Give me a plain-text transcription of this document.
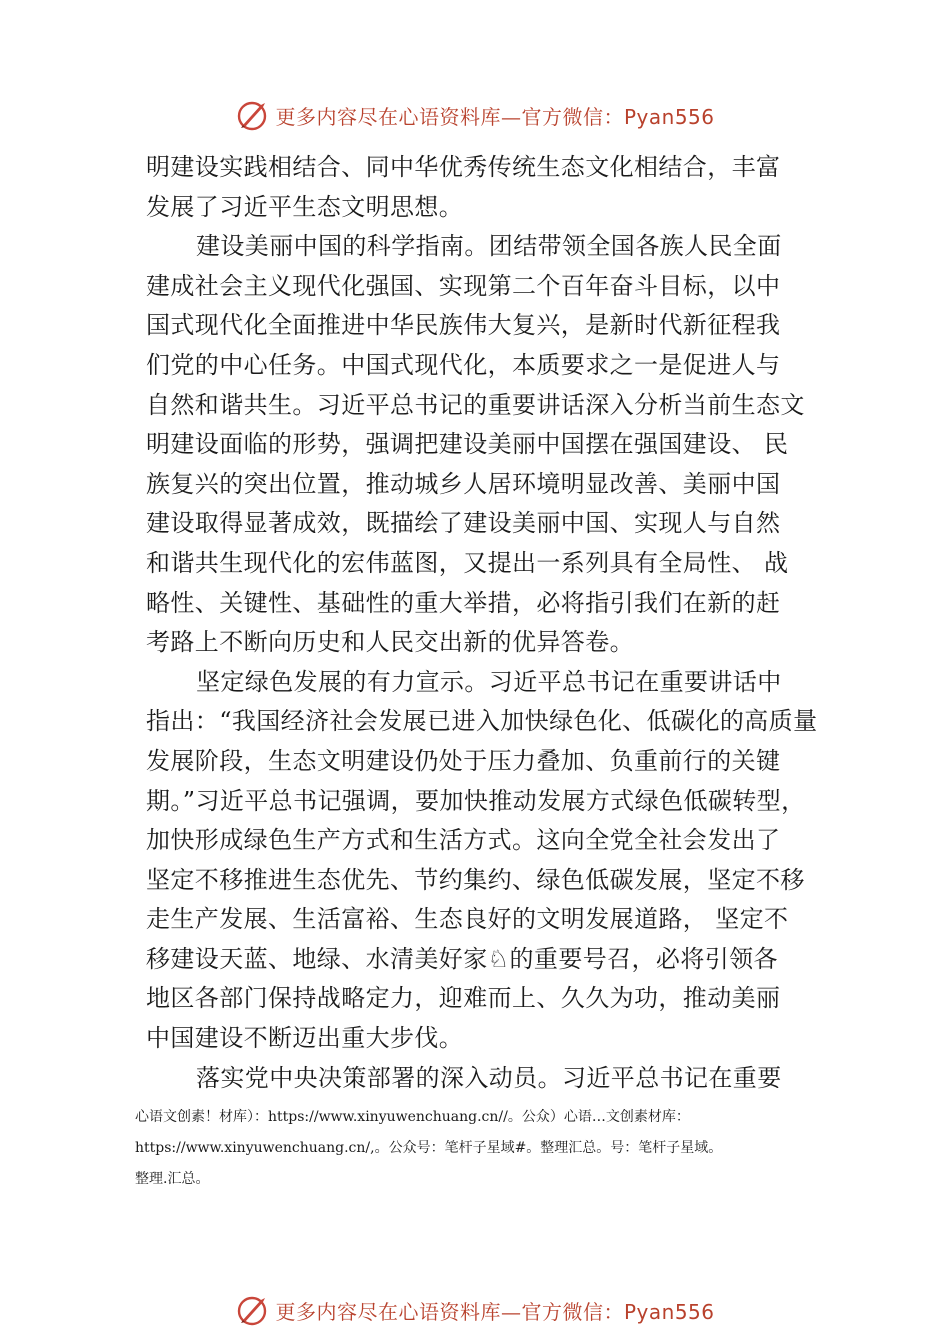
更多内容尽在心语资料库—官方微信：Pyan556
明建设实践相结合、同中华优秀传统生态文化相结合，丰富
发展了习近平生态文明思想。
建设美丽中国的科学指南。团结带领全国各族人民全面
建成社会主义现代化强国、实现第二个百年奋斗目标，以中
国式现代化全面推进中华民族伟大复兴，是新时代新征程我
们党的中心任务。中国式现代化，本质要求之一是促进人与
自然和谐共生。习近平总书记的重要讲话深入分析当前生态文
明建设面临的形势，强调把建设美丽中国摆在强国建设、 民
族复兴的突出位置，推动城乡人居环境明显改善、美丽中国
建设取得显著成效，既描绘了建设美丽中国、实现人与自然
和谐共生现代化的宏伟蓝图，又提出一系列具有全局性、 战
略性、关键性、基础性的重大举措，必将指引我们在新的赶
考路上不断向历史和人民交出新的优异答卷。
坚定绿色发展的有力宣示。习近平总书记在重要讲话中
指出：“我国经济社会发展已进入加快绿色化、低碳化的高质量
发展阶段，生态文明建设仍处于压力叠加、负重前行的关键
期。”习近平总书记强调，要加快推动发展方式绿色低碳转型，
加快形成绿色生产方式和生活方式。这向全党全社会发出了
坚定不移推进生态优先、节约集约、绿色低碳发展，坚定不移
走生产发展、生活富裕、生态良好的文明发展道路， 坚定不
移建设天蓝、地绿、水清美好家♘的重要号召，必将引领各
地区各部门保持战略定力，迎难而上、久久为功，推动美丽
中国建设不断迈出重大步伐。
落实党中央决策部署的深入动员。习近平总书记在重要
心语文创素！材库）：https://www.xinyuwenchuang.cn//。公众）心语…文创素材库：
https://www.xinyuwenchuang.cn/,。公众号：笔杆子星域#。整理汇总。号：笔杆子星域。
整理.汇总。
更多内容尽在心语资料库—官方微信：Pyan556
